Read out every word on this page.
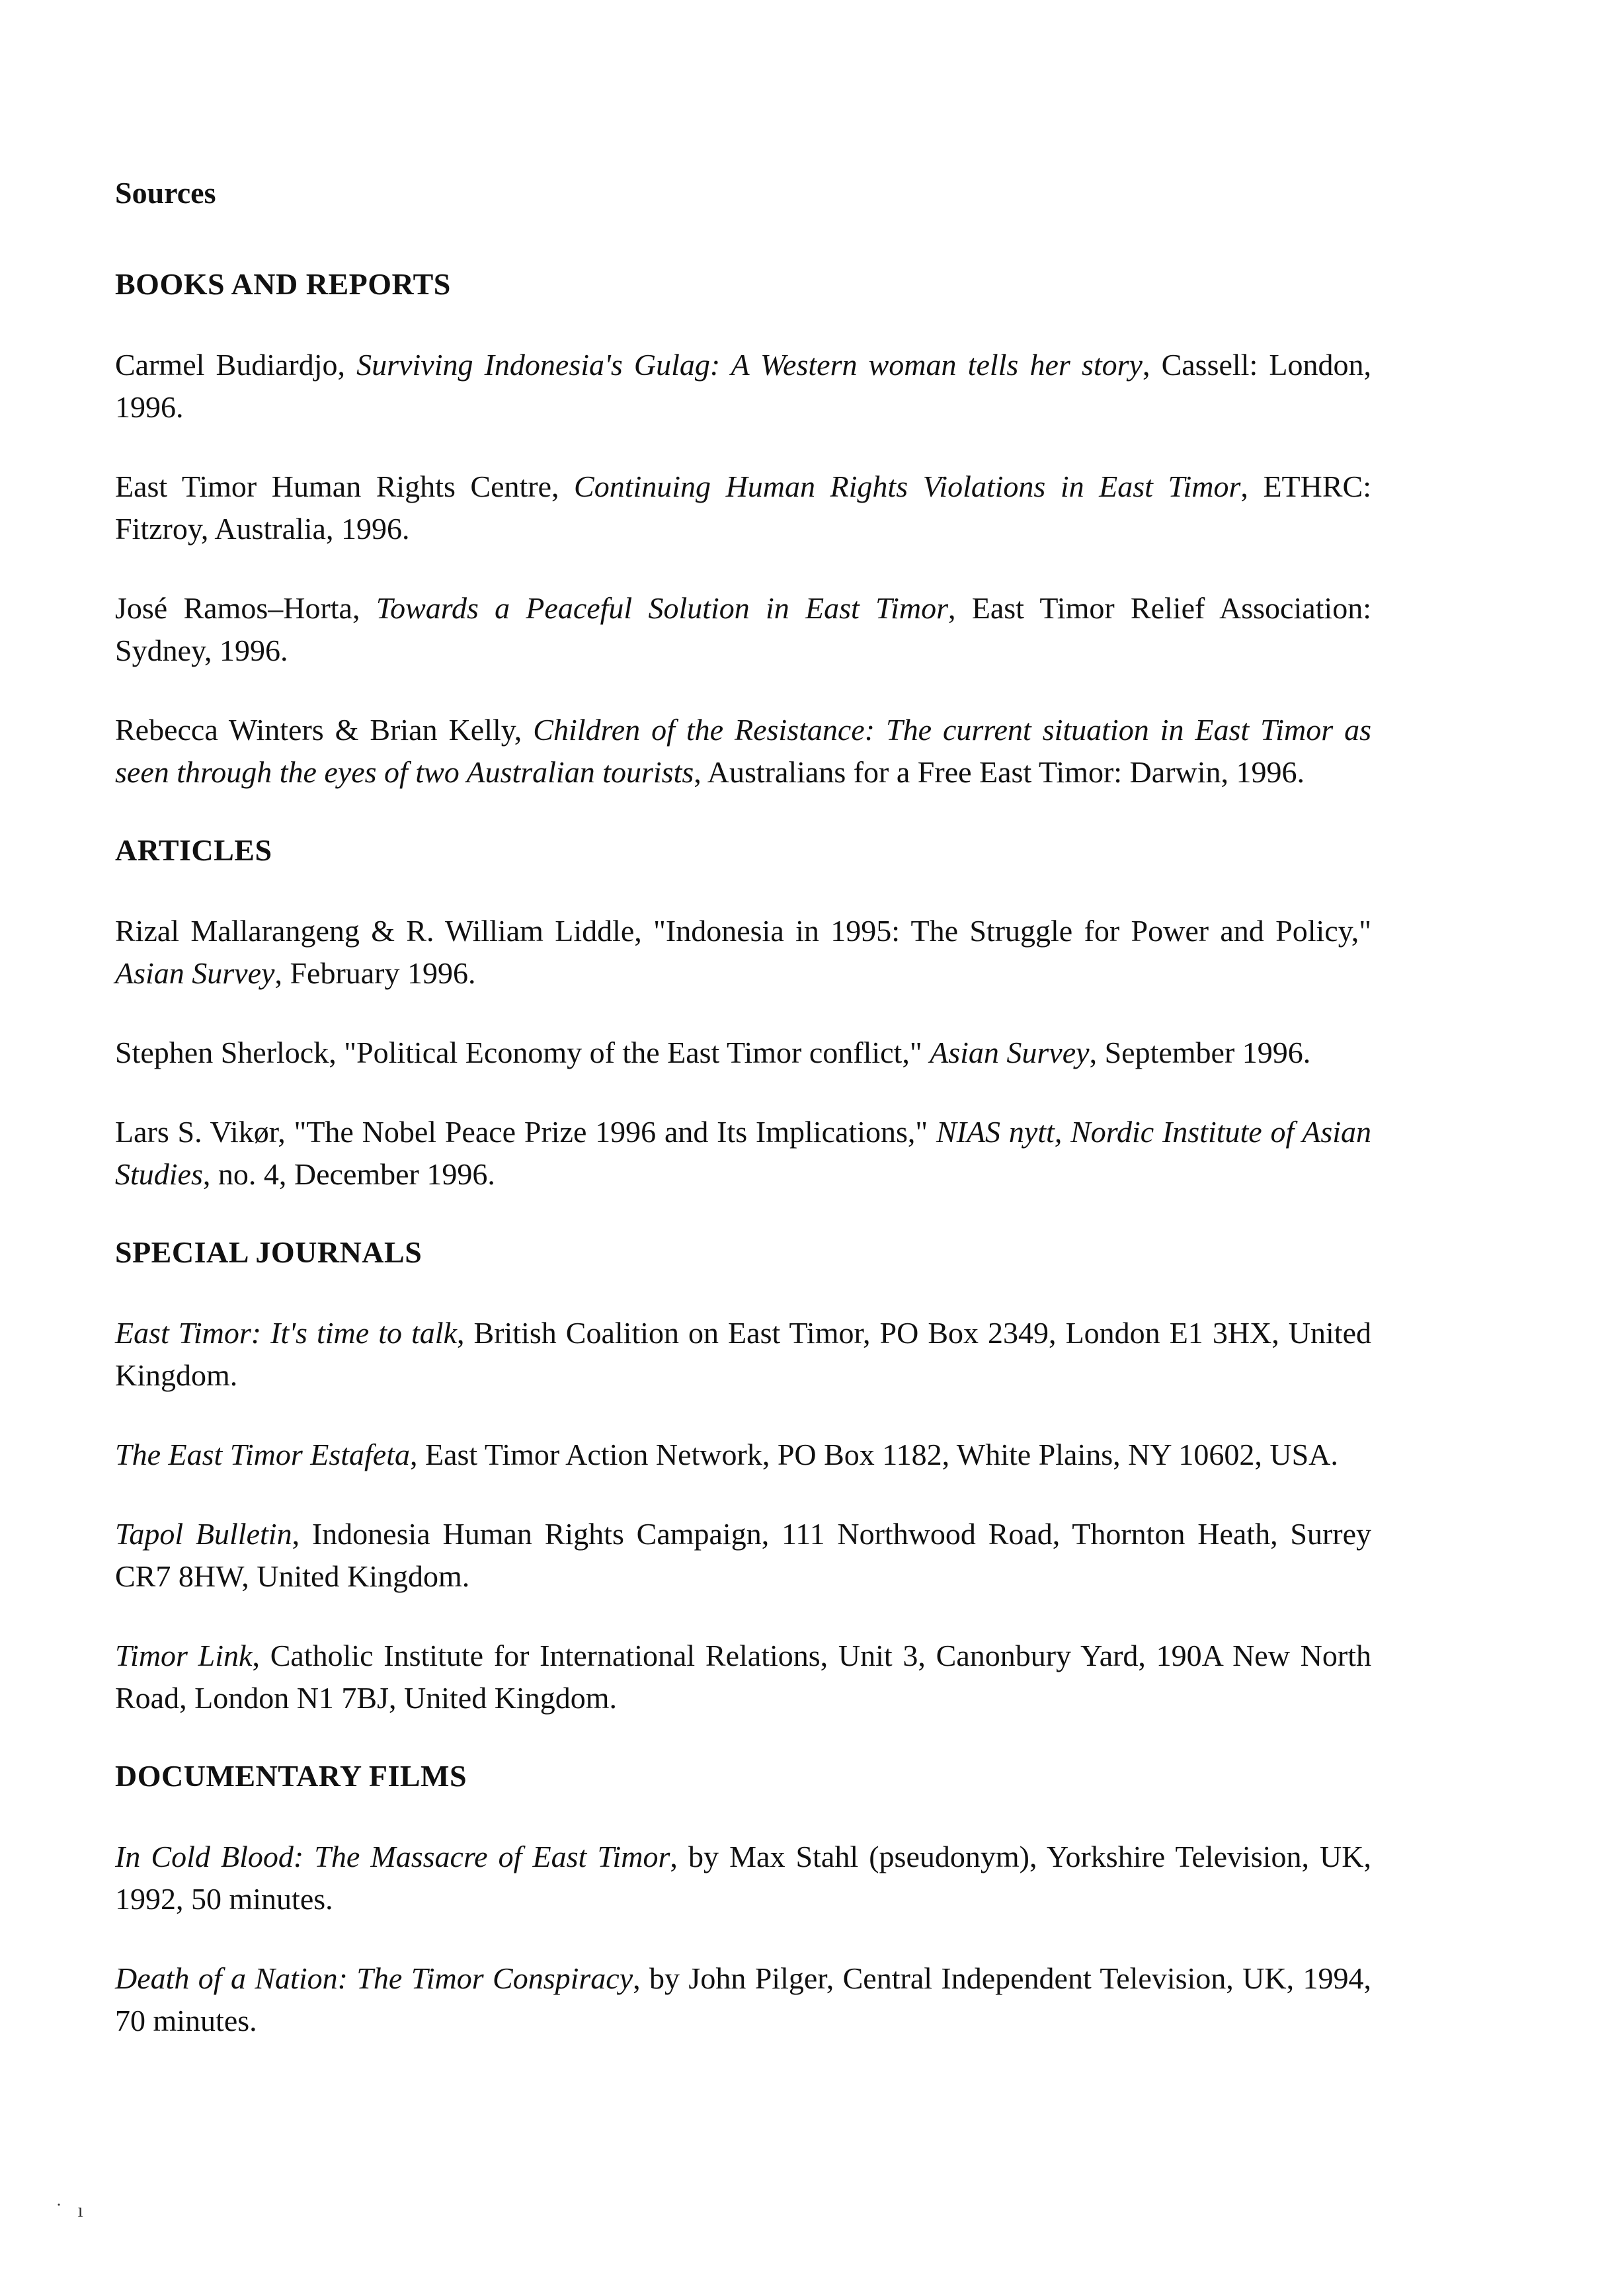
Sources
BOOKS AND REPORTS

Carmel Budiardjo, Surviving Indonesia's Gulag: A Western woman tells her story, Cassell: London, 1996.

East Timor Human Rights Centre, Continuing Human Rights Violations in East Timor, ETHRC: Fitzroy, Australia, 1996.

José Ramos–Horta, Towards a Peaceful Solution in East Timor, East Timor Relief Association: Sydney, 1996.

Rebecca Winters & Brian Kelly, Children of the Resistance: The current situation in East Timor as seen through the eyes of two Australian tourists, Australians for a Free East Timor: Darwin, 1996.

ARTICLES

Rizal Mallarangeng & R. William Liddle, "Indonesia in 1995: The Struggle for Power and Policy," Asian Survey, February 1996.

Stephen Sherlock, "Political Economy of the East Timor conflict," Asian Survey, September 1996.

Lars S. Vikør, "The Nobel Peace Prize 1996 and Its Implications," NIAS nytt, Nordic Institute of Asian Studies, no. 4, December 1996.

SPECIAL JOURNALS

East Timor: It's time to talk, British Coalition on East Timor, PO Box 2349, London E1 3HX, United Kingdom.

The East Timor Estafeta, East Timor Action Network, PO Box 1182, White Plains, NY 10602, USA.

Tapol Bulletin, Indonesia Human Rights Campaign, 111 Northwood Road, Thornton Heath, Surrey CR7 8HW, United Kingdom.

Timor Link, Catholic Institute for International Relations, Unit 3, Canonbury Yard, 190A New North Road, London N1 7BJ, United Kingdom.

DOCUMENTARY FILMS

In Cold Blood: The Massacre of East Timor, by Max Stahl (pseudonym), Yorkshire Television, UK, 1992, 50 minutes.

Death of a Nation: The Timor Conspiracy, by John Pilger, Central Independent Television, UK, 1994, 70 minutes.

˙ ı
